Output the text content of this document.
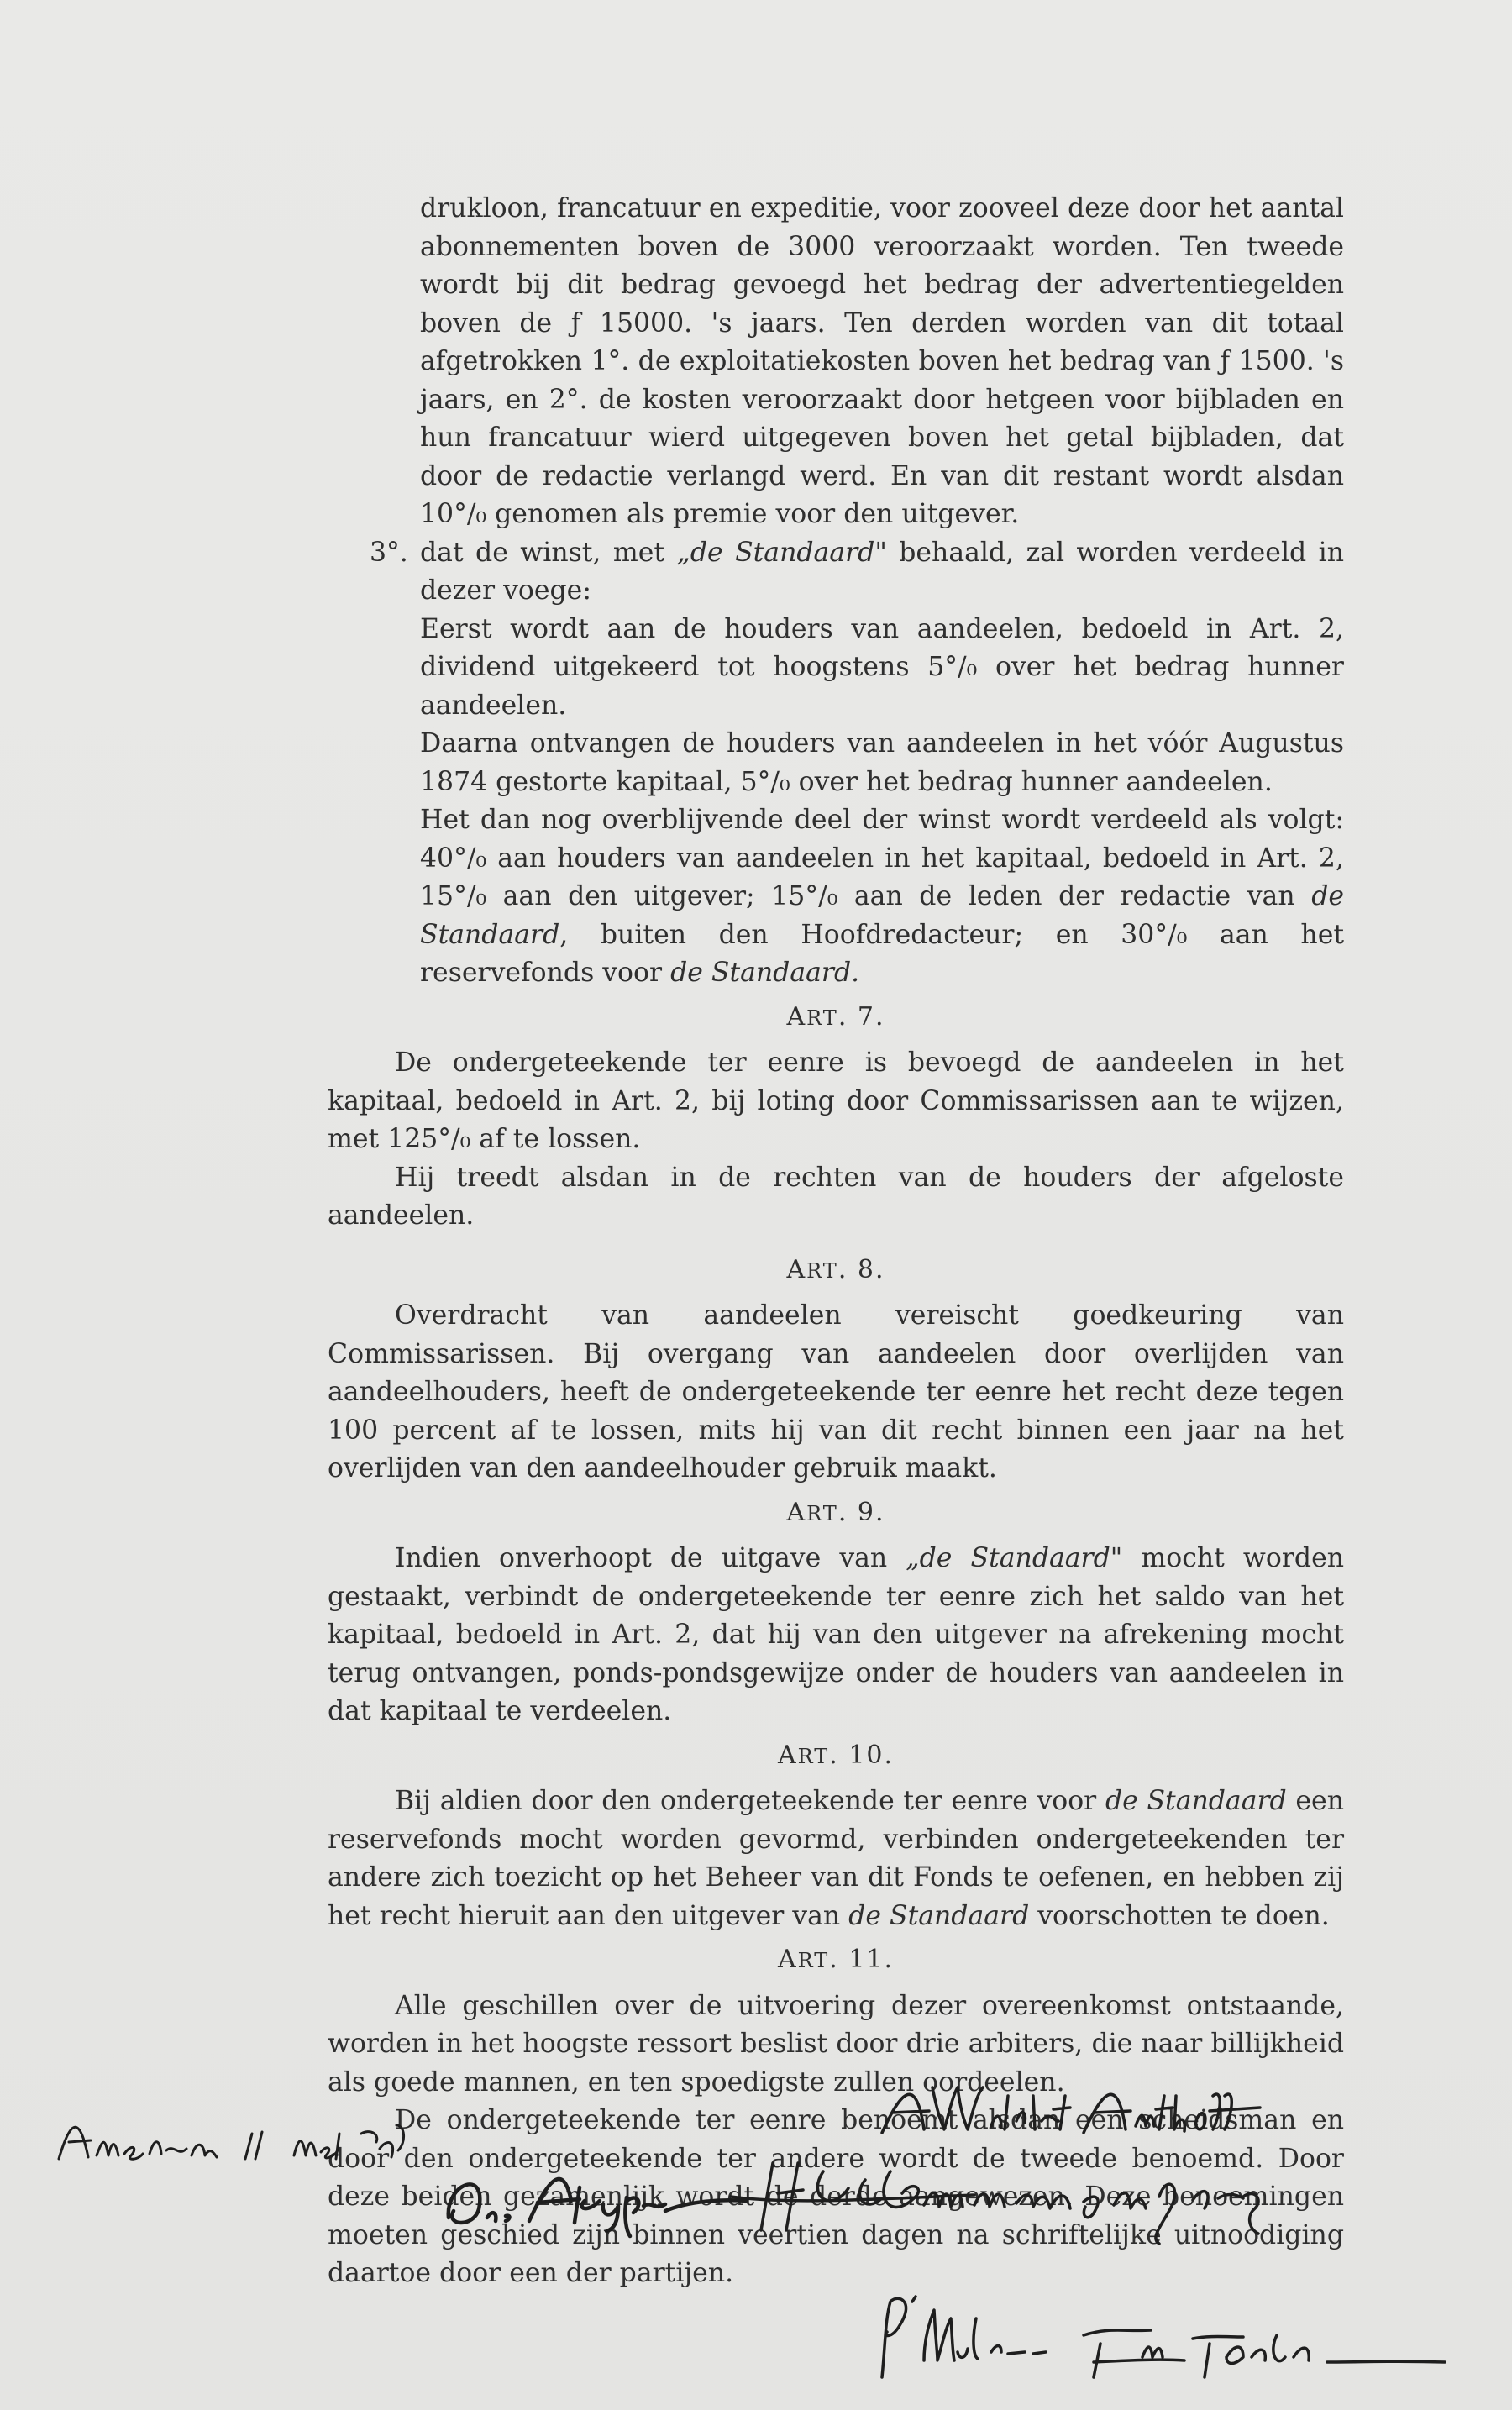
drukloon, francatuur en expeditie, voor zooveel deze door het aantal abonnementen boven de 3000 veroorzaakt worden. Ten tweede wordt bij dit bedrag gevoegd het bedrag der advertentiegelden boven de ƒ 15000. 's jaars. Ten derden worden van dit totaal afgetrokken 1°. de exploitatiekosten boven het bedrag van ƒ 1500. 's jaars, en 2°. de kosten veroorzaakt door hetgeen voor bijbladen en hun francatuur wierd uitgegeven boven het getal bijbladen, dat door de redactie verlangd werd. En van dit restant wordt alsdan 10°/₀ genomen als premie voor den uitgever.

3°. dat de winst, met „de Standaard" behaald, zal worden verdeeld in dezer voege:

Eerst wordt aan de houders van aandeelen, bedoeld in Art. 2, dividend uitgekeerd tot hoogstens 5°/₀ over het bedrag hunner aandeelen.

Daarna ontvangen de houders van aandeelen in het vóór Augustus 1874 gestorte kapitaal, 5°/₀ over het bedrag hunner aandeelen.

Het dan nog overblijvende deel der winst wordt verdeeld als volgt: 40°/₀ aan houders van aandeelen in het kapitaal, bedoeld in Art. 2, 15°/₀ aan den uitgever; 15°/₀ aan de leden der redactie van de Standaard, buiten den Hoofdredacteur; en 30°/₀ aan het reservefonds voor de Standaard.

ART. 7.

De ondergeteekende ter eenre is bevoegd de aandeelen in het kapitaal, bedoeld in Art. 2, bij loting door Commissarissen aan te wijzen, met 125°/₀ af te lossen.

Hij treedt alsdan in de rechten van de houders der afgeloste aandeelen.

ART. 8.

Overdracht van aandeelen vereischt goedkeuring van Commissarissen. Bij overgang van aandeelen door overlijden van aandeelhouders, heeft de ondergeteekende ter eenre het recht deze tegen 100 percent af te lossen, mits hij van dit recht binnen een jaar na het overlijden van den aandeelhouder gebruik maakt.

ART. 9.

Indien onverhoopt de uitgave van „de Standaard" mocht worden gestaakt, verbindt de ondergeteekende ter eenre zich het saldo van het kapitaal, bedoeld in Art. 2, dat hij van den uitgever na afrekening mocht terug ontvangen, ponds-pondsgewijze onder de houders van aandeelen in dat kapitaal te verdeelen.

ART. 10.

Bij aldien door den ondergeteekende ter eenre voor de Standaard een reservefonds mocht worden gevormd, verbinden ondergeteekenden ter andere zich toezicht op het Beheer van dit Fonds te oefenen, en hebben zij het recht hieruit aan den uitgever van de Standaard voorschotten te doen.

ART. 11.

Alle geschillen over de uitvoering dezer overeenkomst ontstaande, worden in het hoogste ressort beslist door drie arbiters, die naar billijkheid als goede mannen, en ten spoedigste zullen oordeelen.

De ondergeteekende ter eenre benoemt alsdan een scheidsman en door den ondergeteekende ter andere wordt de tweede benoemd. Door deze beiden gezamenlijk wordt de derde aangewezen. Deze benoemingen moeten geschied zijn binnen veertien dagen na schriftelijke uitnoodiging daartoe door een der partijen.
